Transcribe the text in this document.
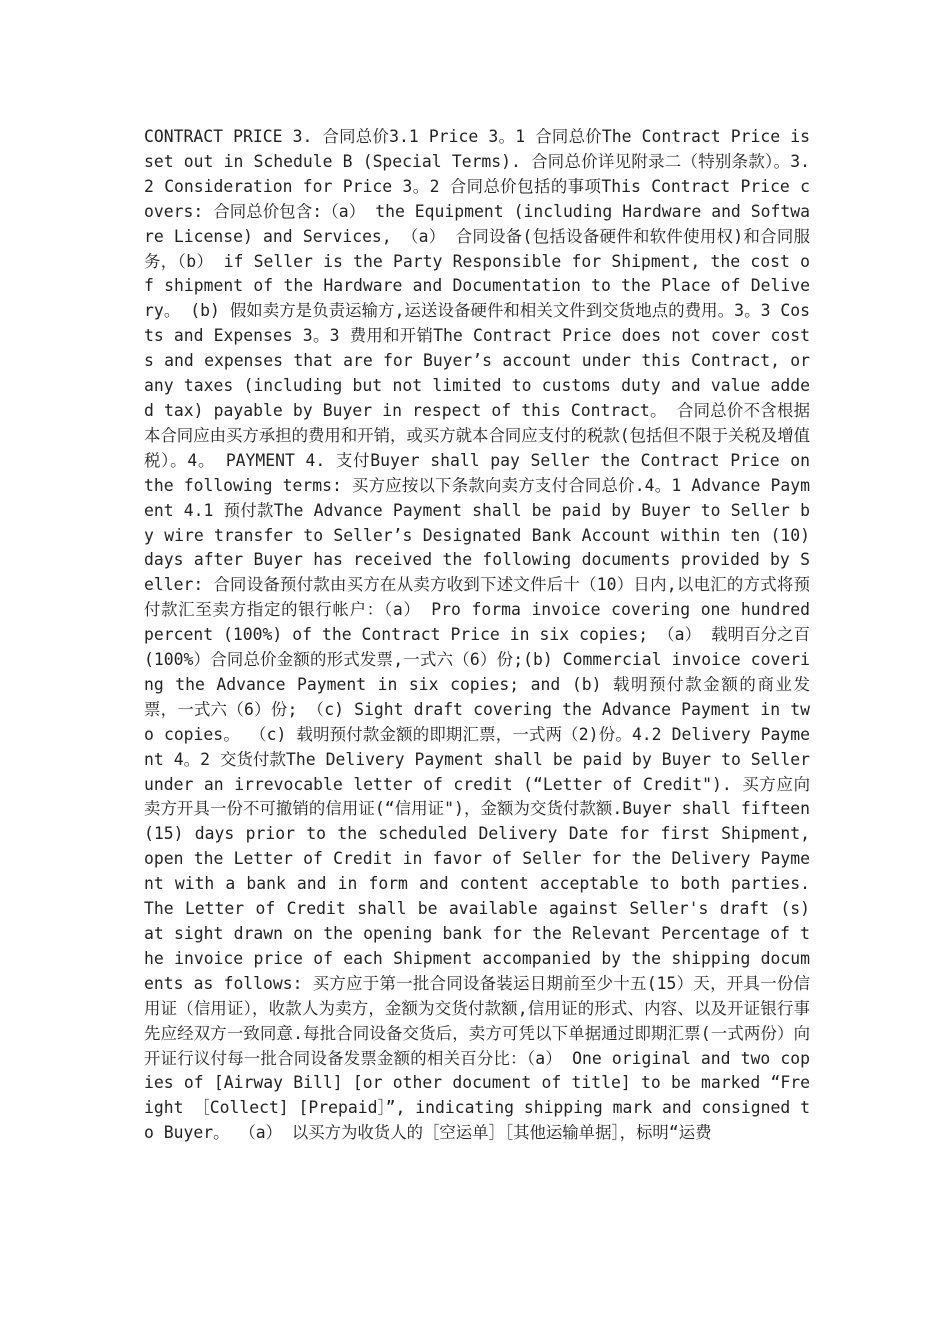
CONTRACT PRICE 3. 合同总价3.1 Price 3。1 合同总价The Contract Price is set out in Schedule B (Special Terms). 合同总价详见附录二（特别条款）。3.2 Consideration for Price 3。2 合同总价包括的事项This Contract Price covers: 合同总价包含:（a） the Equipment (including Hardware and Software License) and Services, （a） 合同设备(包括设备硬件和软件使用权)和合同服务，（b） if Seller is the Party Responsible for Shipment, the cost of shipment of the Hardware and Documentation to the Place of Delivery。 (b) 假如卖方是负责运输方,运送设备硬件和相关文件到交货地点的费用。3。3 Costs and Expenses 3。3 费用和开销The Contract Price does not cover costs and expenses that are for Buyer’s account under this Contract, or any taxes (including but not limited to customs duty and value added tax) payable by Buyer in respect of this Contract。 合同总价不含根据本合同应由买方承担的费用和开销，或买方就本合同应支付的税款(包括但不限于关税及增值税）。4。 PAYMENT 4. 支付Buyer shall pay Seller the Contract Price on the following terms: 买方应按以下条款向卖方支付合同总价.4。1 Advance Payment 4.1 预付款The Advance Payment shall be paid by Buyer to Seller by wire transfer to Seller’s Designated Bank Account within ten (10) days after Buyer has received the following documents provided by Seller: 合同设备预付款由买方在从卖方收到下述文件后十（10）日内,以电汇的方式将预付款汇至卖方指定的银行帐户：（a） Pro forma invoice covering one hundred percent (100%) of the Contract Price in six copies; （a） 载明百分之百(100%）合同总价金额的形式发票,一式六（6）份;(b) Commercial invoice covering the Advance Payment in six copies; and (b) 载明预付款金额的商业发票，一式六（6）份; （c) Sight draft covering the Advance Payment in two copies。 （c) 载明预付款金额的即期汇票，一式两（2)份。4.2 Delivery Payment 4。2 交货付款The Delivery Payment shall be paid by Buyer to Seller under an irrevocable letter of credit (“Letter of Credit"). 买方应向卖方开具一份不可撤销的信用证(“信用证")，金额为交货付款额.Buyer shall fifteen (15) days prior to the scheduled Delivery Date for first Shipment, open the Letter of Credit in favor of Seller for the Delivery Payment with a bank and in form and content acceptable to both parties. The Letter of Credit shall be available against Seller's draft (s) at sight drawn on the opening bank for the Relevant Percentage of the invoice price of each Shipment accompanied by the shipping documents as follows: 买方应于第一批合同设备装运日期前至少十五(15）天，开具一份信用证（信用证），收款人为卖方，金额为交货付款额,信用证的形式、内容、以及开证银行事先应经双方一致同意.每批合同设备交货后，卖方可凭以下单据通过即期汇票(一式两份）向开证行议付每一批合同设备发票金额的相关百分比：（a） One original and two copies of [Airway Bill] [or other document of title] to be marked “Freight ［Collect] [Prepaid］”, indicating shipping mark and consigned to Buyer。 （a） 以买方为收货人的［空运单］［其他运输单据］，标明“运费
